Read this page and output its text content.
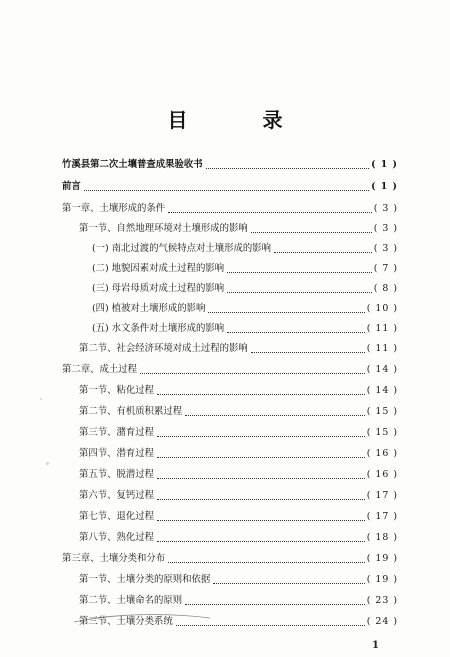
目 录
竹溪县第二次土壤普查成果验收书	( 1 )
前言	( 1 )
第一章、土壤形成的条件	( 3 )
第一节、自然地理环境对土壤形成的影响	( 3 )
(一) 南北过渡的气候特点对土壤形成的影响	( 3 )
(二) 地貌因素对成土过程的影响	( 7 )
(三) 母岩母质对成土过程的影响	( 8 )
(四) 植被对土壤形成的影响	( 10 )
(五) 水文条件对土壤形成的影响	( 11 )
第二节、社会经济环境对成土过程的影响	( 11 )
第二章、成土过程	( 14 )
第一节、粘化过程	( 14 )
第二节、有机质积累过程	( 15 )
第三节、潴育过程	( 15 )
第四节、潜育过程	( 16 )
第五节、脱潜过程	( 16 )
第六节、复钙过程	( 17 )
第七节、退化过程	( 17 )
第八节、熟化过程	( 18 )
第三章、土壤分类和分布	( 19 )
第一节、土壤分类的原则和依据	( 19 )
第二节、土壤命名的原则	( 23 )
第三节、土壤分类系统	( 24 )
1
